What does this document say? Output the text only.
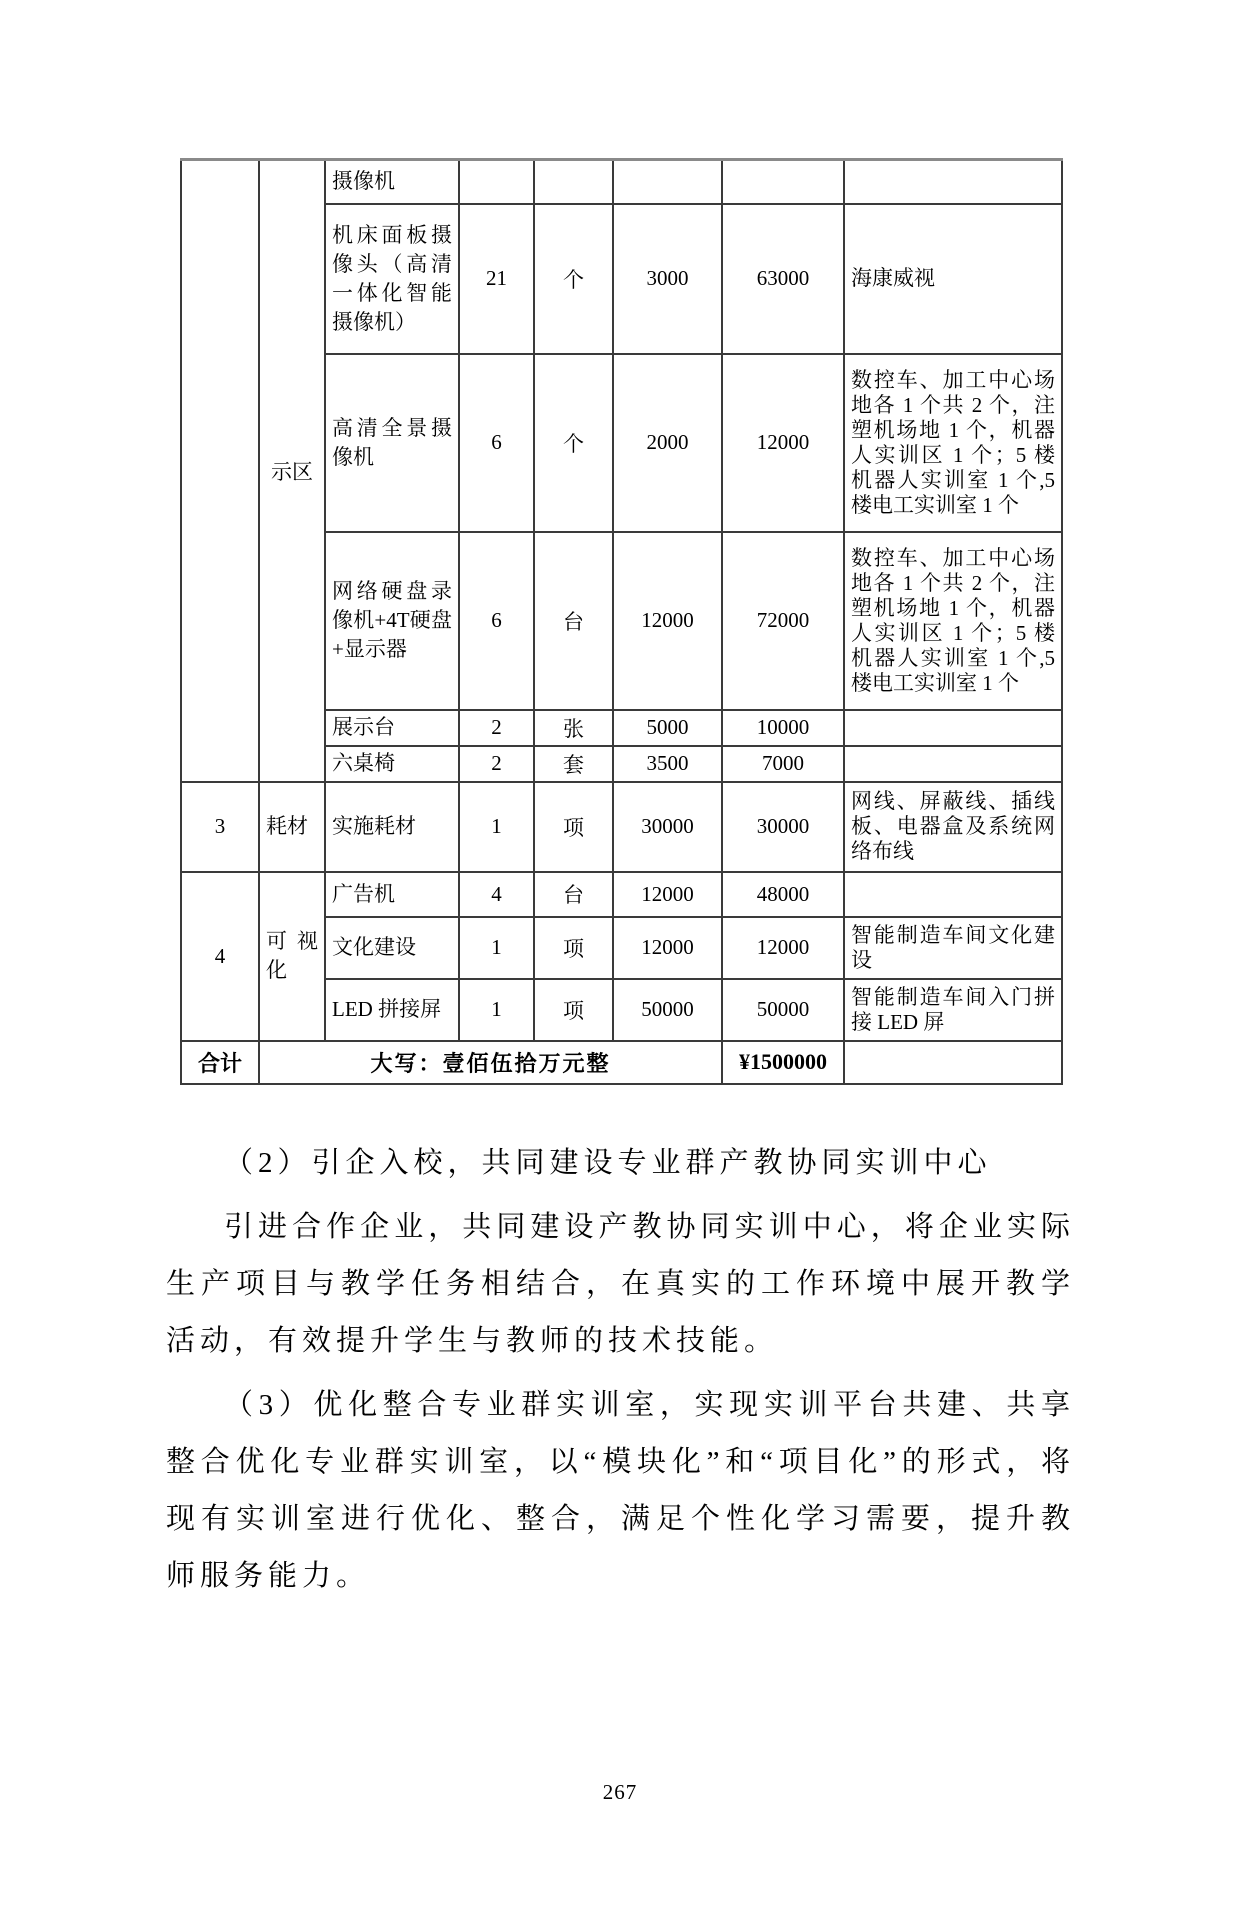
	示区	摄像机					
		机床面板摄像头（高清一体化智能摄像机）	21	个	3000	63000	海康威视
		高清全景摄像机	6	个	2000	12000	数控车、加工中心场地各 1 个共 2 个，注塑机场地 1 个，机器人实训区 1 个；5 楼机器人实训室 1 个,5 楼电工实训室 1 个
		网络硬盘录像机+4T硬盘+显示器	6	台	12000	72000	数控车、加工中心场地各 1 个共 2 个，注塑机场地 1 个，机器人实训区 1 个；5 楼机器人实训室 1 个,5 楼电工实训室 1 个
		展示台	2	张	5000	10000	
		六桌椅	2	套	3500	7000	
3	耗材	实施耗材	1	项	30000	30000	网线、屏蔽线、插线板、电器盒及系统网络布线
4	可视化	广告机	4	台	12000	48000	
		文化建设	1	项	12000	12000	智能制造车间文化建设
		LED 拼接屏	1	项	50000	50000	智能制造车间入门拼接 LED 屏
合计	大写：壹佰伍拾万元整					¥1500000	

（2）引企入校，共同建设专业群产教协同实训中心

引进合作企业，共同建设产教协同实训中心，将企业实际生产项目与教学任务相结合，在真实的工作环境中展开教学活动，有效提升学生与教师的技术技能。

（3）优化整合专业群实训室，实现实训平台共建、共享整合优化专业群实训室，以“模块化”和“项目化”的形式，将现有实训室进行优化、整合，满足个性化学习需要，提升教师服务能力。

267
